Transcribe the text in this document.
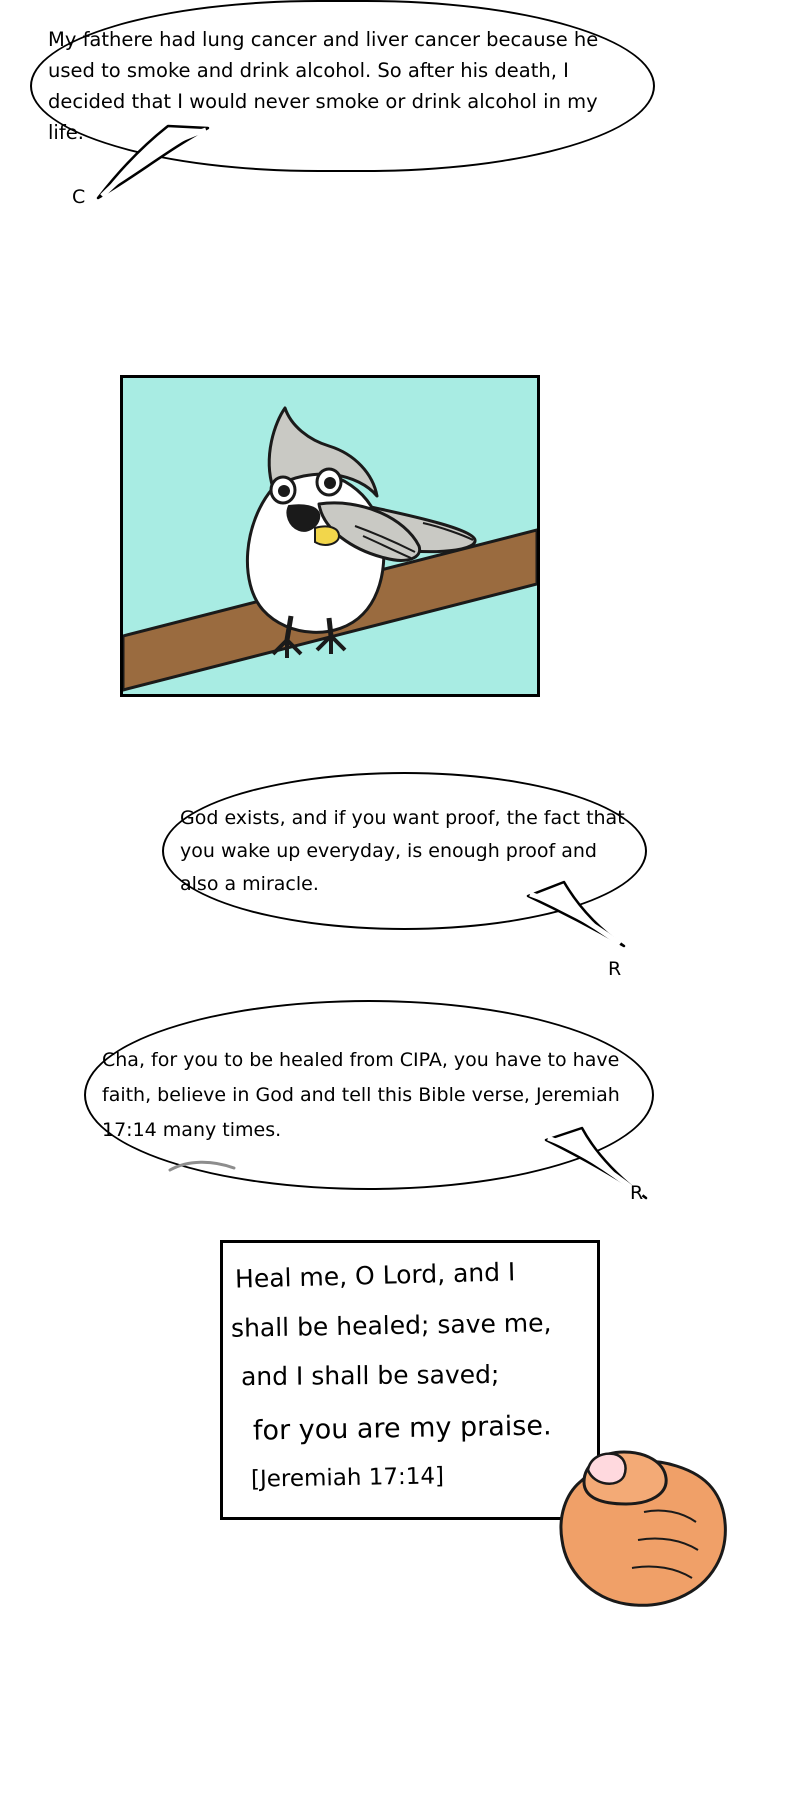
My fathere had lung cancer and liver cancer because he used to smoke and drink alcohol. So after his death, I decided that I would never smoke or drink alcohol in my life.
C
God exists, and if you want proof, the fact that you wake up everyday, is enough proof and also a miracle.
R
Cha, for you to be healed from CIPA, you have to have faith, believe in God and tell this Bible verse, Jeremiah 17:14 many times.
R
Heal me, O Lord, and I
shall be healed; save me,
and I shall be saved;
for you are my praise.
[Jeremiah 17:14]
